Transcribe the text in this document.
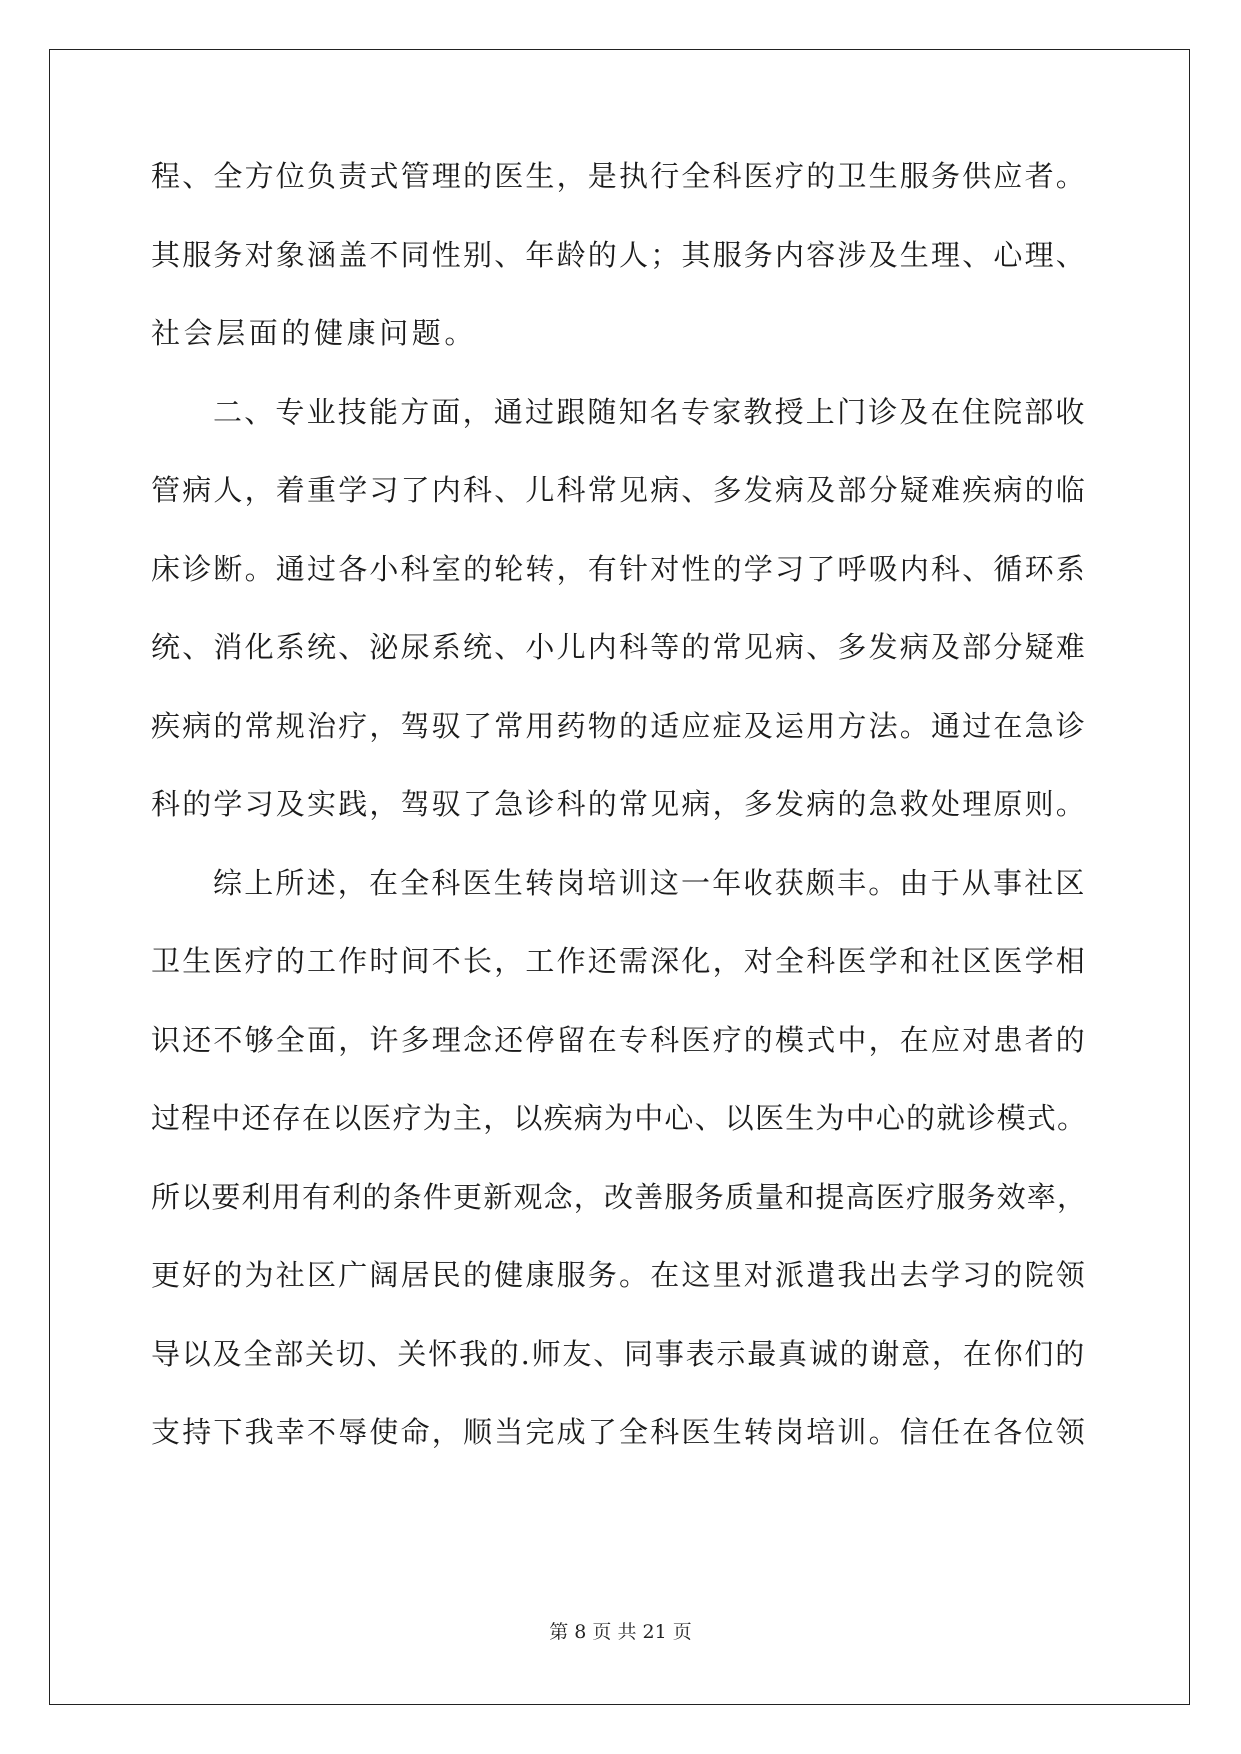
程、全方位负责式管理的医生，是执行全科医疗的卫生服务供应者。
其服务对象涵盖不同性别、年龄的人；其服务内容涉及生理、心理、
社会层面的健康问题。
二、专业技能方面，通过跟随知名专家教授上门诊及在住院部收
管病人，着重学习了内科、儿科常见病、多发病及部分疑难疾病的临
床诊断。通过各小科室的轮转，有针对性的学习了呼吸内科、循环系
统、消化系统、泌尿系统、小儿内科等的常见病、多发病及部分疑难
疾病的常规治疗，驾驭了常用药物的适应症及运用方法。通过在急诊
科的学习及实践，驾驭了急诊科的常见病，多发病的急救处理原则。
综上所述，在全科医生转岗培训这一年收获颇丰。由于从事社区
卫生医疗的工作时间不长，工作还需深化，对全科医学和社区医学相
识还不够全面，许多理念还停留在专科医疗的模式中，在应对患者的
过程中还存在以医疗为主，以疾病为中心、以医生为中心的就诊模式。
所以要利用有利的条件更新观念，改善服务质量和提高医疗服务效率，
更好的为社区广阔居民的健康服务。在这里对派遣我出去学习的院领
导以及全部关切、关怀我的.师友、同事表示最真诚的谢意，在你们的
支持下我幸不辱使命，顺当完成了全科医生转岗培训。信任在各位领
第 8 页 共 21 页
